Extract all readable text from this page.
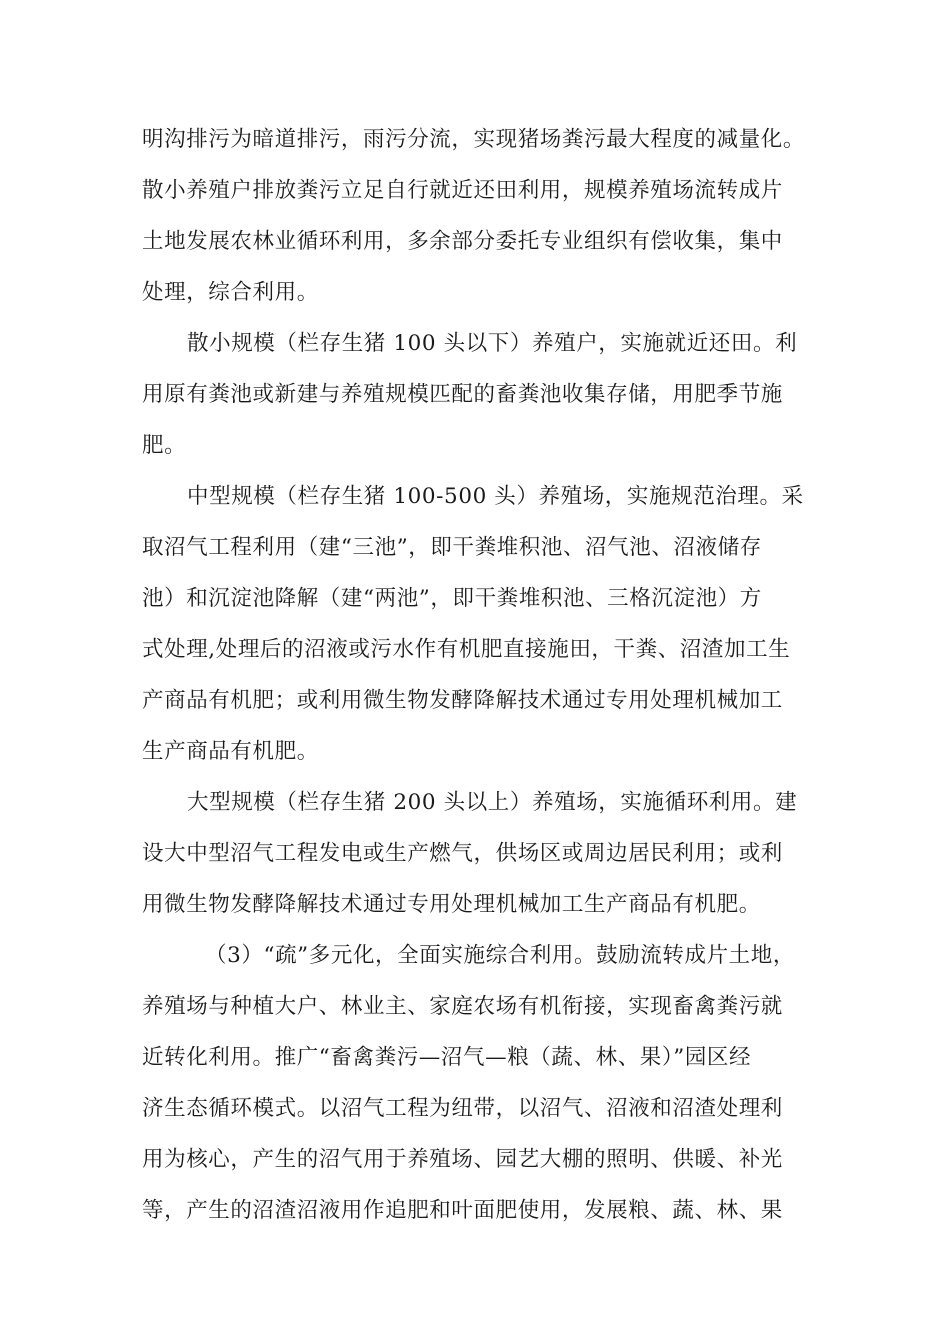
明沟排污为暗道排污，雨污分流，实现猪场粪污最大程度的减量化。
散小养殖户排放粪污立足自行就近还田利用，规模养殖场流转成片
土地发展农林业循环利用，多余部分委托专业组织有偿收集，集中
处理，综合利用。
散小规模（栏存生猪 100 头以下）养殖户，实施就近还田。利
用原有粪池或新建与养殖规模匹配的畜粪池收集存储，用肥季节施
肥。
中型规模（栏存生猪 100-500 头）养殖场，实施规范治理。采
取沼气工程利用（建“三池”，即干粪堆积池、沼气池、沼液储存
池）和沉淀池降解（建“两池”，即干粪堆积池、三格沉淀池）方
式处理,处理后的沼液或污水作有机肥直接施田，干粪、沼渣加工生
产商品有机肥；或利用微生物发酵降解技术通过专用处理机械加工
生产商品有机肥。
大型规模（栏存生猪 200 头以上）养殖场，实施循环利用。建
设大中型沼气工程发电或生产燃气，供场区或周边居民利用；或利
用微生物发酵降解技术通过专用处理机械加工生产商品有机肥。
（3）“疏”多元化，全面实施综合利用。鼓励流转成片土地，
养殖场与种植大户、林业主、家庭农场有机衔接，实现畜禽粪污就
近转化利用。推广“畜禽粪污—沼气—粮（蔬、林、果）”园区经
济生态循环模式。以沼气工程为纽带，以沼气、沼液和沼渣处理利
用为核心，产生的沼气用于养殖场、园艺大棚的照明、供暖、补光
等，产生的沼渣沼液用作追肥和叶面肥使用，发展粮、蔬、林、果
